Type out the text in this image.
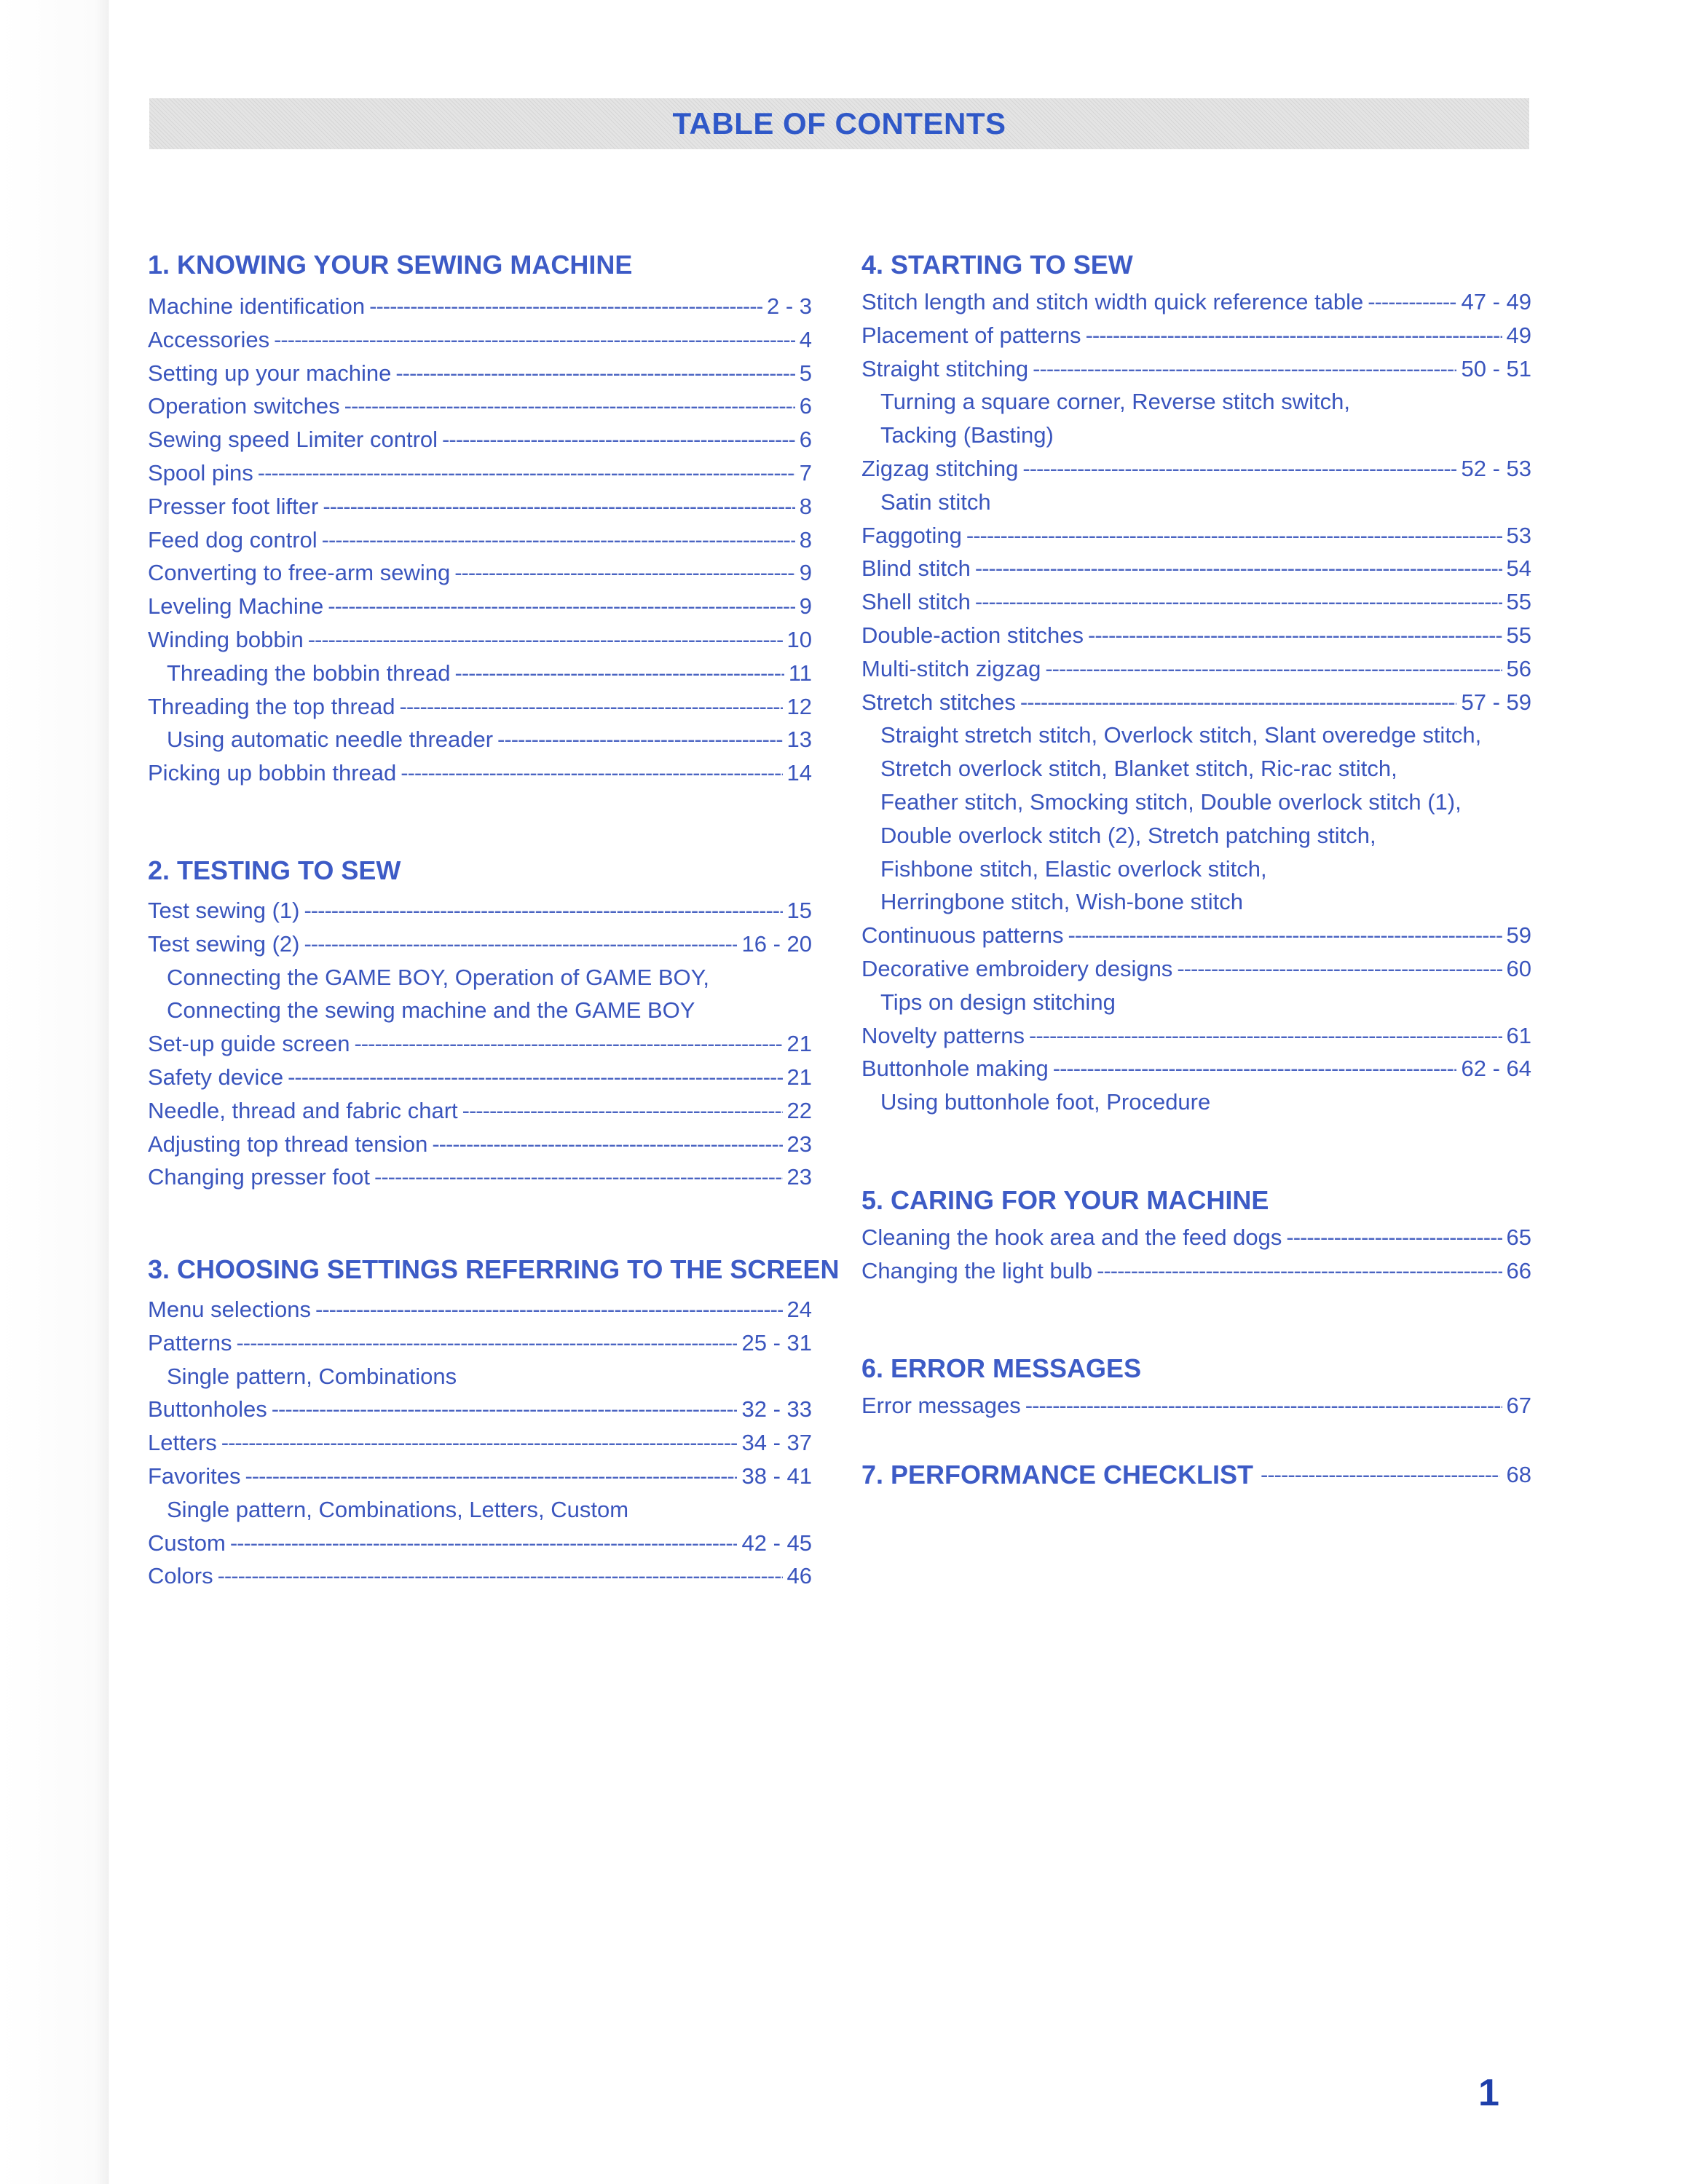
TABLE OF CONTENTS
1. KNOWING YOUR SEWING MACHINE
Machine identification -----	2 - 3
Accessories -----	4
Setting up your machine -----	5
Operation switches -----	6
Sewing speed Limiter control -----	6
Spool pins -----	7
Presser foot lifter -----	8
Feed dog control -----	8
Converting to free-arm sewing -----	9
Leveling Machine -----	9
Winding bobbin -----	10
Threading the bobbin thread -----	11
Threading the top thread -----	12
Using automatic needle threader -----	13
Picking up bobbin thread -----	14
2. TESTING TO SEW
Test sewing (1) -----	15
Test sewing (2) -----	16 - 20
Connecting the GAME BOY, Operation of GAME BOY,
Connecting the sewing machine and the GAME BOY
Set-up guide screen -----	21
Safety device -----	21
Needle, thread and fabric chart -----	22
Adjusting top thread tension -----	23
Changing presser foot -----	23
3. CHOOSING SETTINGS REFERRING TO THE SCREEN
Menu selections -----	24
Patterns -----	25 - 31
Single pattern, Combinations
Buttonholes -----	32 - 33
Letters -----	34 - 37
Favorites -----	38 - 41
Single pattern, Combinations, Letters, Custom
Custom -----	42 - 45
Colors -----	46
4. STARTING TO SEW
Stitch length and stitch width quick reference table -----	47 - 49
Placement of patterns -----	49
Straight stitching -----	50 - 51
Turning a square corner, Reverse stitch switch,
Tacking (Basting)
Zigzag stitching -----	52 - 53
Satin stitch
Faggoting -----	53
Blind stitch -----	54
Shell stitch -----	55
Double-action stitches -----	55
Multi-stitch zigzag -----	56
Stretch stitches -----	57 - 59
Straight stretch stitch, Overlock stitch, Slant overedge stitch,
Stretch overlock stitch, Blanket stitch, Ric-rac stitch,
Feather stitch, Smocking stitch, Double overlock stitch (1),
Double overlock stitch (2), Stretch patching stitch,
Fishbone stitch, Elastic overlock stitch,
Herringbone stitch, Wish-bone stitch
Continuous patterns -----	59
Decorative embroidery designs -----	60
Tips on design stitching
Novelty patterns -----	61
Buttonhole making -----	62 - 64
Using buttonhole foot, Procedure
5. CARING FOR YOUR MACHINE
Cleaning the hook area and the feed dogs -----	65
Changing the light bulb -----	66
6. ERROR MESSAGES
Error messages -----	67
7. PERFORMANCE CHECKLIST -----	68
1
